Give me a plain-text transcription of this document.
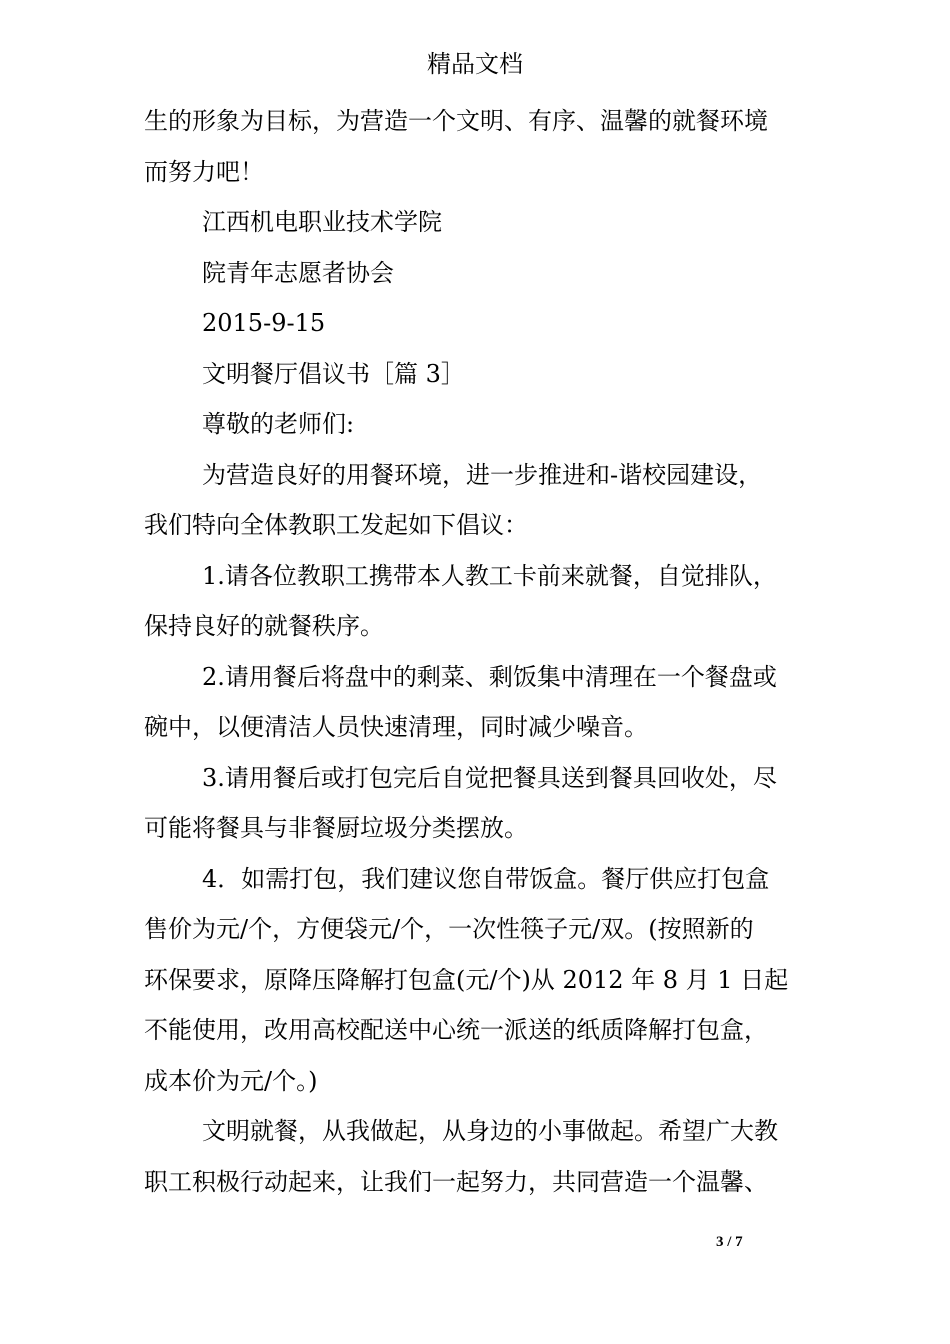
精品文档

生的形象为目标，为营造一个文明、有序、温馨的就餐环境

而努力吧！

江西机电职业技术学院

院青年志愿者协会

2015-9-15

文明餐厅倡议书［篇 3］

尊敬的老师们:

为营造良好的用餐环境，进一步推进和-谐校园建设，

我们特向全体教职工发起如下倡议：

1.请各位教职工携带本人教工卡前来就餐，自觉排队，

保持良好的就餐秩序。

2.请用餐后将盘中的剩菜、剩饭集中清理在一个餐盘或

碗中，以便清洁人员快速清理，同时减少噪音。

3.请用餐后或打包完后自觉把餐具送到餐具回收处，尽

可能将餐具与非餐厨垃圾分类摆放。

4．如需打包，我们建议您自带饭盒。餐厅供应打包盒

售价为元/个，方便袋元/个，一次性筷子元/双。(按照新的

环保要求，原降压降解打包盒(元/个)从 2012 年 8 月 1 日起

不能使用，改用高校配送中心统一派送的纸质降解打包盒，

成本价为元/个。)

文明就餐，从我做起，从身边的小事做起。希望广大教

职工积极行动起来，让我们一起努力，共同营造一个温馨、

3 / 7
